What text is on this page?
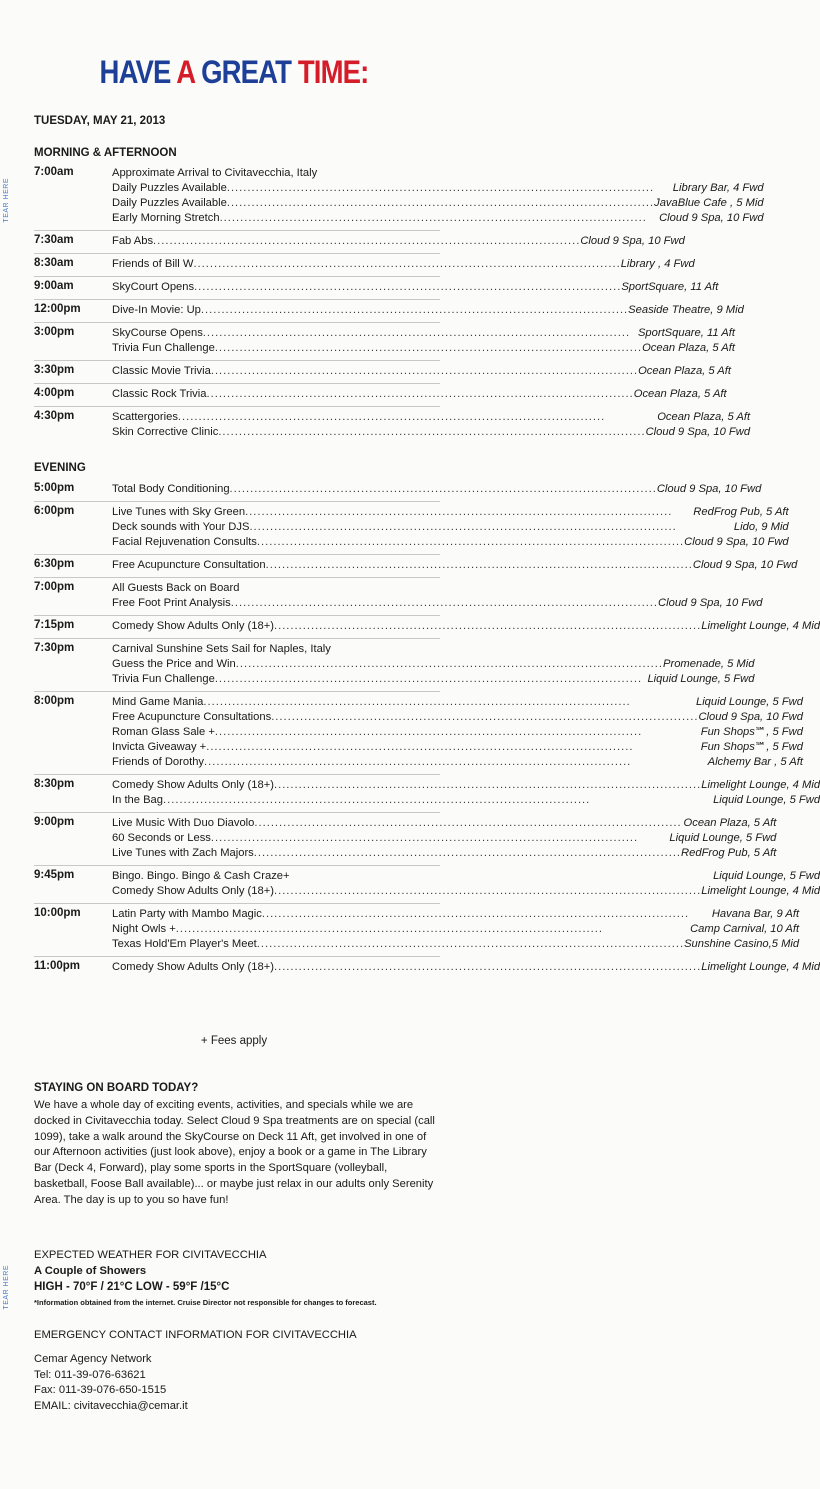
TEAR HERE
TEAR HERE
HAVE A GREAT TIME:
TUESDAY, MAY 21, 2013
MORNING & AFTERNOON
7:00am	Approximate Arrival to Civitavecchia, Italy
Daily Puzzles Available .....	Library Bar, 4 Fwd
Daily Puzzles Available .....	JavaBlue Cafe , 5 Mid
Early Morning Stretch .....	Cloud 9 Spa, 10 Fwd
7:30am	Fab Abs .....	Cloud 9 Spa, 10 Fwd
8:30am	Friends of Bill W .....	Library , 4 Fwd
9:00am	SkyCourt Opens .....	SportSquare, 11 Aft
12:00pm	Dive-In Movie: Up .....	Seaside Theatre, 9 Mid
3:00pm	SkyCourse Opens .....	SportSquare, 11 Aft
Trivia Fun Challenge .....	Ocean Plaza, 5 Aft
3:30pm	Classic Movie Trivia .....	Ocean Plaza, 5 Aft
4:00pm	Classic Rock Trivia .....	Ocean Plaza, 5 Aft
4:30pm	Scattergories .....	Ocean Plaza, 5 Aft
Skin Corrective Clinic .....	Cloud 9 Spa, 10 Fwd
EVENING
5:00pm	Total Body Conditioning .....	Cloud 9 Spa, 10 Fwd
6:00pm	Live Tunes with Sky Green .....	RedFrog Pub, 5 Aft
Deck sounds with Your DJS .....	Lido, 9 Mid
Facial Rejuvenation Consults .....	Cloud 9 Spa, 10 Fwd
6:30pm	Free Acupuncture Consultation .....	Cloud 9 Spa, 10 Fwd
7:00pm	All Guests Back on Board
Free Foot Print Analysis .....	Cloud 9 Spa, 10 Fwd
7:15pm	Comedy Show Adults Only (18+) .....	Limelight Lounge, 4 Mid
7:30pm	Carnival Sunshine Sets Sail for Naples, Italy
Guess the Price and Win .....	Promenade, 5 Mid
Trivia Fun Challenge .....	Liquid Lounge, 5 Fwd
8:00pm	Mind Game Mania .....	Liquid Lounge, 5 Fwd
Free Acupuncture Consultations .....	Cloud 9 Spa, 10 Fwd
Roman Glass Sale + .....	Fun Shops℠, 5 Fwd
Invicta Giveaway + .....	Fun Shops℠, 5 Fwd
Friends of Dorothy .....	Alchemy Bar , 5 Aft
8:30pm	Comedy Show Adults Only (18+) .....	Limelight Lounge, 4 Mid
In the Bag .....	Liquid Lounge, 5 Fwd
9:00pm	Live Music With Duo Diavolo .....	Ocean Plaza, 5 Aft
60 Seconds or Less .....	Liquid Lounge, 5 Fwd
Live Tunes with Zach Majors .....	RedFrog Pub, 5 Aft
9:45pm	Bingo. Bingo. Bingo & Cash Craze+	Liquid Lounge, 5 Fwd
Comedy Show Adults Only (18+) .....	Limelight Lounge, 4 Mid
10:00pm	Latin Party with Mambo Magic .....	Havana Bar, 9 Aft
Night Owls + .....	Camp Carnival, 10 Aft
Texas Hold'Em Player's Meet .....	Sunshine Casino,5 Mid
11:00pm	Comedy Show Adults Only (18+) .....	Limelight Lounge, 4 Mid
+ Fees apply
STAYING ON BOARD TODAY?
We have a whole day of exciting events, activities, and specials while we are docked in Civitavecchia today. Select Cloud 9 Spa treatments are on special (call 1099), take a walk around the SkyCourse on Deck 11 Aft, get involved in one of our Afternoon activities (just look above), enjoy a book or a game in The Library Bar (Deck 4, Forward), play some sports in the SportSquare (volleyball, basketball, Foose Ball available)... or maybe just relax in our adults only Serenity Area. The day is up to you so have fun!
EXPECTED WEATHER FOR CIVITAVECCHIA
A Couple of Showers
HIGH - 70°F / 21°C LOW - 59°F /15°C
*Information obtained from the internet. Cruise Director not responsible for changes to forecast.
EMERGENCY CONTACT INFORMATION FOR CIVITAVECCHIA
Cemar Agency Network
Tel: 011-39-076-63621
Fax: 011-39-076-650-1515
EMAIL: civitavecchia@cemar.it
